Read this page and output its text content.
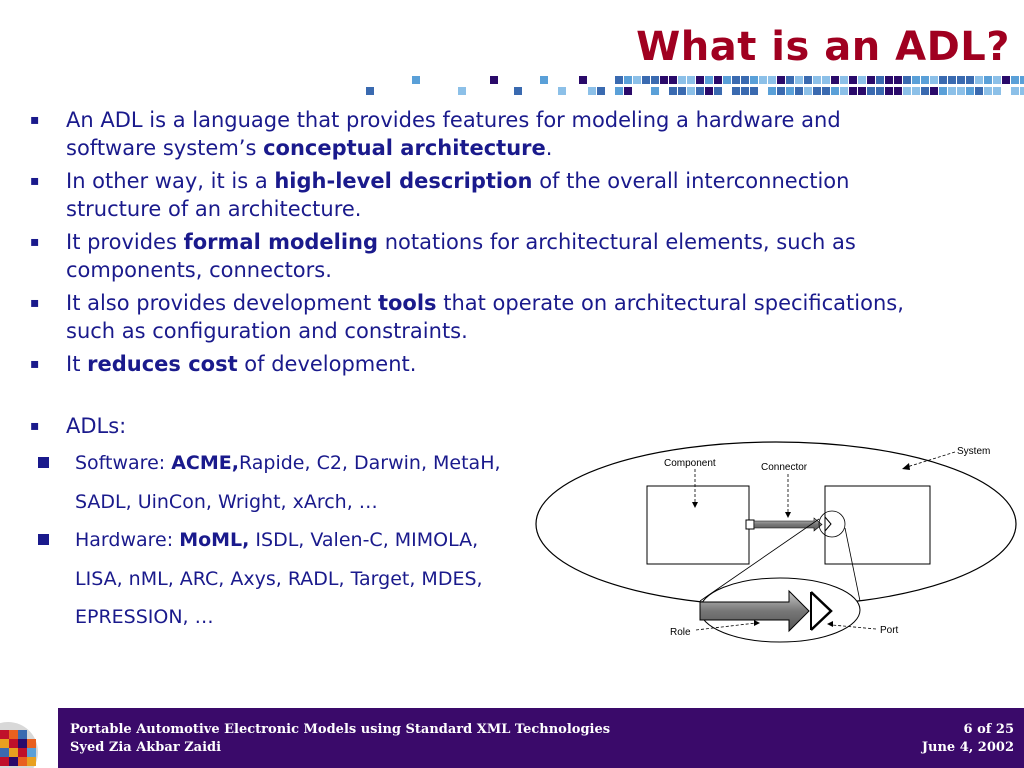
What is an ADL?
▪
An ADL is a language that provides features for modeling a hardware and software system’s conceptual architecture.
▪
In other way, it is a high-level description of the overall interconnection structure of an architecture.
▪
It provides formal modeling notations for architectural elements, such as components, connectors.
▪
It also provides development tools that operate on architectural specifications, such as configuration and constraints.
▪
It reduces cost of development.
▪
ADLs:
Software: ACME,Rapide, C2, Darwin, MetaH, SADL, UinCon, Wright, xArch, …
Hardware: MoML, ISDL, Valen-C, MIMOLA, LISA, nML, ARC, Axys, RADL, Target, MDES, EPRESSION, …
System
Component	Connector
Role	Port
Portable Automotive Electronic Models using Standard XML Technologies
Syed Zia Akbar Zaidi
6 of 25
June 4, 2002
